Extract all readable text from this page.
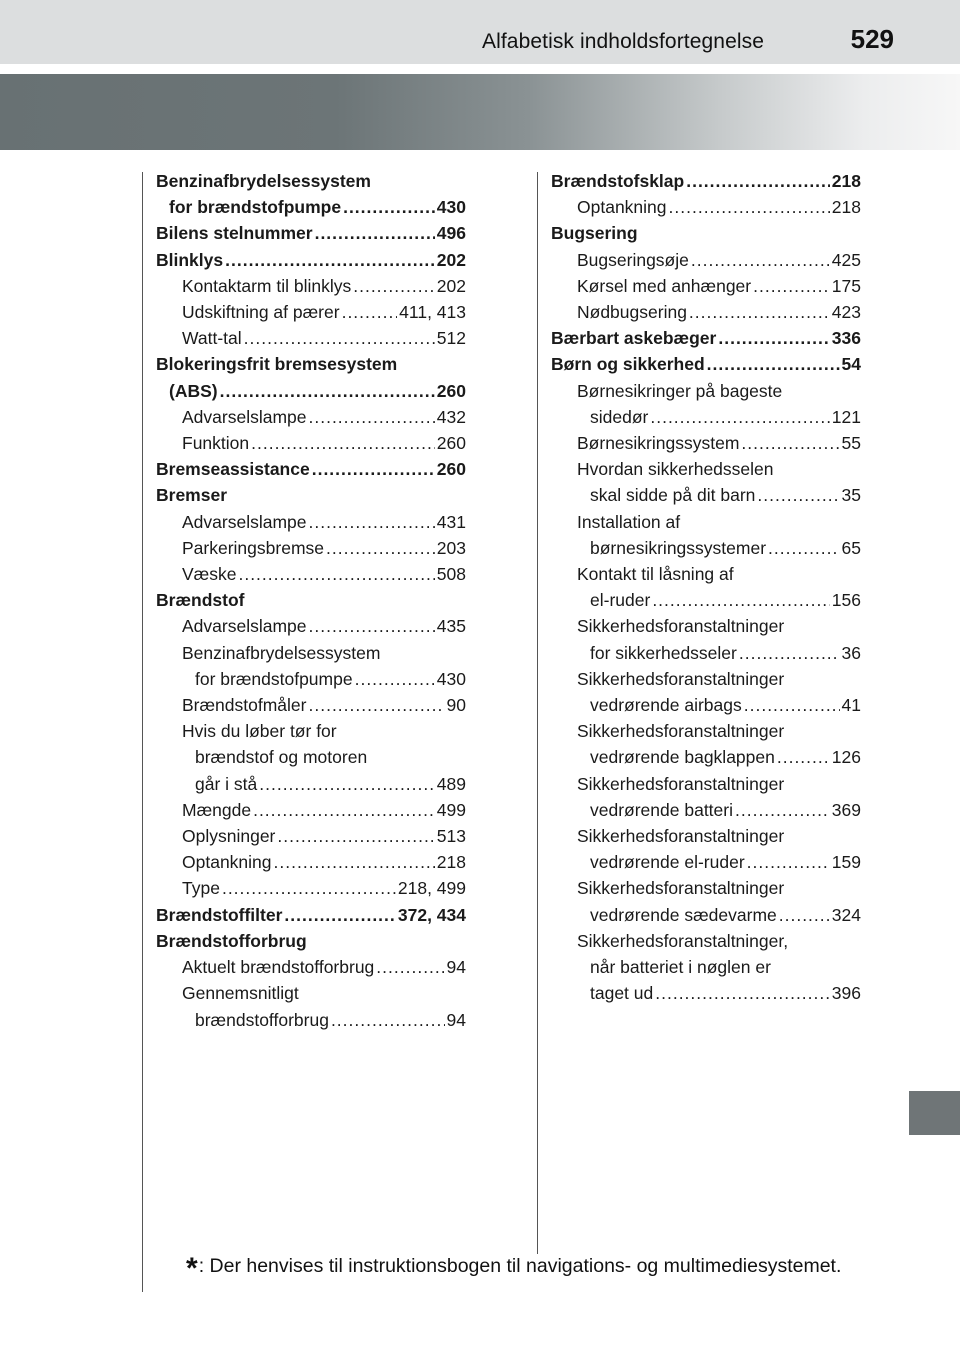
Alfabetisk indholdsfortegnelse	529
Benzinafbrydelsessystem
for brændstofpumpe .....	430
Bilens stelnummer .....	496
Blinklys .....	202
Kontaktarm til blinklys .....	202
Udskiftning af pærer .....	411, 413
Watt-tal .....	512
Blokeringsfrit bremsesystem
(ABS) .....	260
Advarselslampe .....	432
Funktion .....	260
Bremseassistance .....	260
Bremser
Advarselslampe .....	431
Parkeringsbremse .....	203
Væske .....	508
Brændstof
Advarselslampe .....	435
Benzinafbrydelsessystem
for brændstofpumpe .....	430
Brændstofmåler .....	90
Hvis du løber tør for
brændstof og motoren
går i stå .....	489
Mængde .....	499
Oplysninger .....	513
Optankning .....	218
Type .....	218, 499
Brændstoffilter .....	372, 434
Brændstofforbrug
Aktuelt brændstofforbrug .....	94
Gennemsnitligt
brændstofforbrug .....	94
Brændstofsklap .....	218
Optankning .....	218
Bugsering
Bugseringsøje .....	425
Kørsel med anhænger .....	175
Nødbugsering .....	423
Bærbart askebæger .....	336
Børn og sikkerhed .....	54
Børnesikringer på bageste
sidedør .....	121
Børnesikringssystem .....	55
Hvordan sikkerhedsselen
skal sidde på dit barn .....	35
Installation af
børnesikringssystemer .....	65
Kontakt til låsning af
el-ruder .....	156
Sikkerhedsforanstaltninger
for sikkerhedsseler .....	36
Sikkerhedsforanstaltninger
vedrørende airbags .....	41
Sikkerhedsforanstaltninger
vedrørende bagklappen .....	126
Sikkerhedsforanstaltninger
vedrørende batteri .....	369
Sikkerhedsforanstaltninger
vedrørende el-ruder .....	159
Sikkerhedsforanstaltninger
vedrørende sædevarme .....	324
Sikkerhedsforanstaltninger,
når batteriet i nøglen er
taget ud .....	396
*: Der henvises til instruktionsbogen til navigations- og multimediesystemet.
